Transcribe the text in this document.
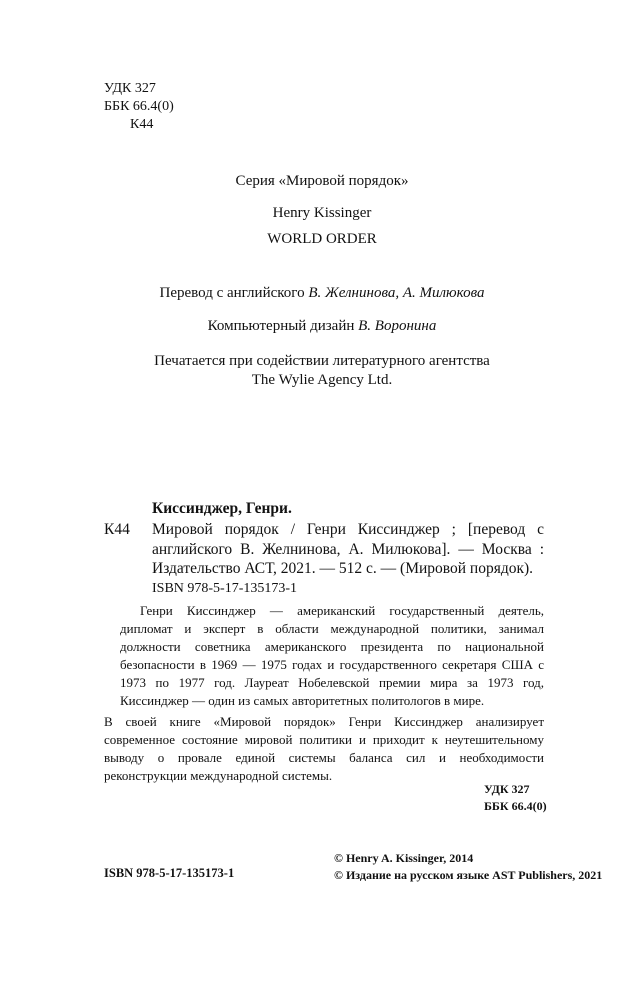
УДК 327
ББК 66.4(0)
К44
Серия «Мировой порядок»
Henry Kissinger
WORLD ORDER
Перевод с английского В. Желнинова, А. Милюкова
Компьютерный дизайн В. Воронина
Печатается при содействии литературного агентства
The Wylie Agency Ltd.
Киссинджер, Генри.
К44 Мировой порядок / Генри Киссинджер ; [перевод с английского В. Желнинова, А. Милюкова]. — Москва : Издательство АСТ, 2021. — 512 с. — (Мировой порядок).
ISBN 978-5-17-135173-1
Генри Киссинджер — американский государственный деятель, дипломат и эксперт в области международной политики, занимал должности советника американского президента по национальной безопасности в 1969 — 1975 годах и государственного секретаря США с 1973 по 1977 год. Лауреат Нобелевской премии мира за 1973 год, Киссинджер — один из самых авторитетных политологов в мире.
В своей книге «Мировой порядок» Генри Киссинджер анализирует современное состояние мировой политики и приходит к неутешительному выводу о провале единой системы баланса сил и необходимости реконструкции международной системы.
УДК 327
ББК 66.4(0)
ISBN 978-5-17-135173-1
© Henry A. Kissinger, 2014
© Издание на русском языке AST Publishers, 2021
